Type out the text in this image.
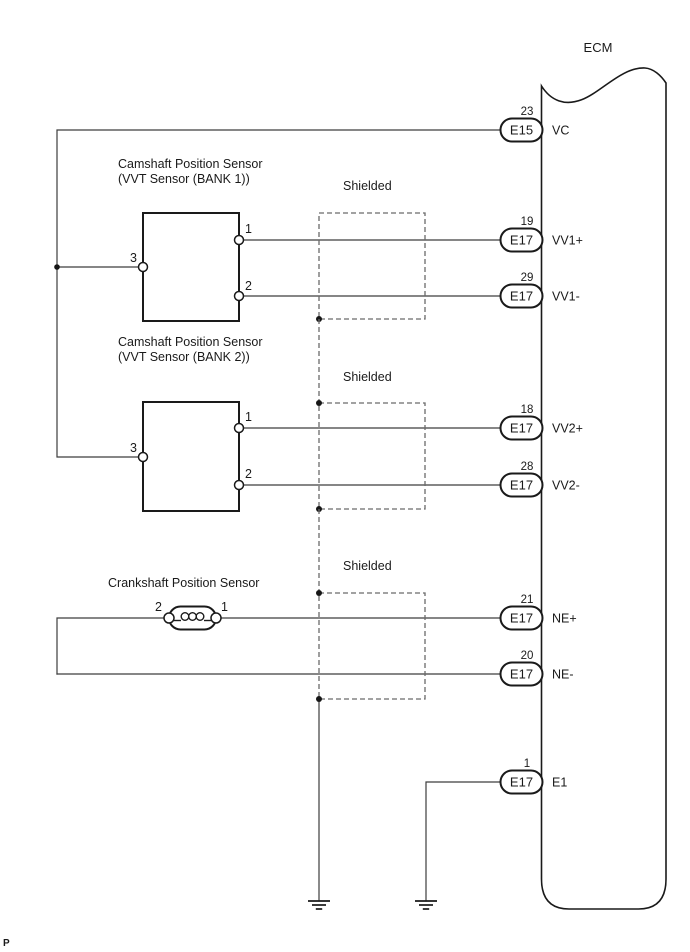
ECM
Shielded
Shielded
Shielded
Camshaft Position Sensor
(VVT Sensor (BANK 1))
1
2
3
Camshaft Position Sensor
(VVT Sensor (BANK 2))
1
2
3
Crankshaft Position Sensor
2	1
23
E15 VC
19
E17 VV1+
29
E17 VV1-
18
E17 VV2+
28
E17 VV2-
21
E17 NE+
20
E17 NE-
1
E17 E1
P
